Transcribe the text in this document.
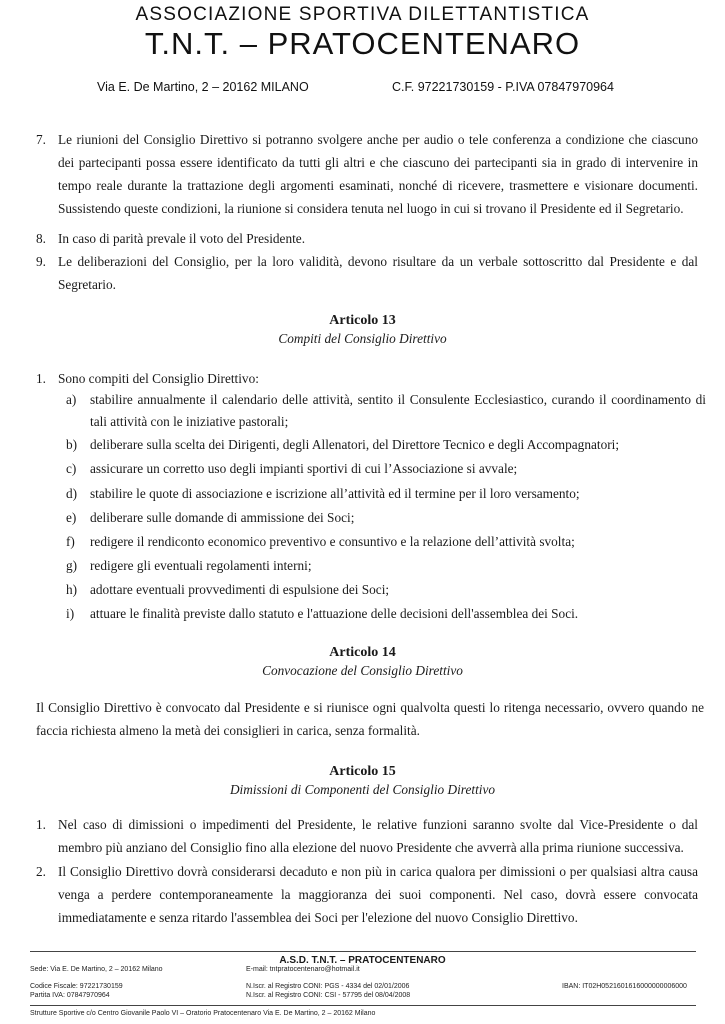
ASSOCIAZIONE SPORTIVA DILETTANTISTICA
T.N.T. – PRATOCENTENARO
Via E. De Martino, 2 – 20162 MILANO	C.F. 97221730159 - P.IVA 07847970964
7. Le riunioni del Consiglio Direttivo si potranno svolgere anche per audio o tele conferenza a condizione che ciascuno dei partecipanti possa essere identificato da tutti gli altri e che ciascuno dei partecipanti sia in grado di intervenire in tempo reale durante la trattazione degli argomenti esaminati, nonché di ricevere, trasmettere e visionare documenti. Sussistendo queste condizioni, la riunione si considera tenuta nel luogo in cui si trovano il Presidente ed il Segretario.
8. In caso di parità prevale il voto del Presidente.
9. Le deliberazioni del Consiglio, per la loro validità, devono risultare da un verbale sottoscritto dal Presidente e dal Segretario.
Articolo 13
Compiti del Consiglio Direttivo
1. Sono compiti del Consiglio Direttivo:
a) stabilire annualmente il calendario delle attività, sentito il Consulente Ecclesiastico, curando il coordinamento di tali attività con le iniziative pastorali;
b) deliberare sulla scelta dei Dirigenti, degli Allenatori, del Direttore Tecnico e degli Accompagnatori;
c) assicurare un corretto uso degli impianti sportivi di cui l’Associazione si avvale;
d) stabilire le quote di associazione e iscrizione all’attività ed il termine per il loro versamento;
e) deliberare sulle domande di ammissione dei Soci;
f) redigere il rendiconto economico preventivo e consuntivo e la relazione dell’attività svolta;
g) redigere gli eventuali regolamenti interni;
h) adottare eventuali provvedimenti di espulsione dei Soci;
i) attuare le finalità previste dallo statuto e l'attuazione delle decisioni dell'assemblea dei Soci.
Articolo 14
Convocazione del Consiglio Direttivo
Il Consiglio Direttivo è convocato dal Presidente e si riunisce ogni qualvolta questi lo ritenga necessario, ovvero quando ne faccia richiesta almeno la metà dei consiglieri in carica, senza formalità.
Articolo 15
Dimissioni di Componenti del Consiglio Direttivo
1. Nel caso di dimissioni o impedimenti del Presidente, le relative funzioni saranno svolte dal Vice-Presidente o dal membro più anziano del Consiglio fino alla elezione del nuovo Presidente che avverrà alla prima riunione successiva.
2. Il Consiglio Direttivo dovrà considerarsi decaduto e non più in carica qualora per dimissioni o per qualsiasi altra causa venga a perdere contemporaneamente la maggioranza dei suoi componenti. Nel caso, dovrà essere convocata immediatamente e senza ritardo l'assemblea dei Soci per l'elezione del nuovo Consiglio Direttivo.
A.S.D. T.N.T. – PRATOCENTENARO
Sede: Via E. De Martino, 2 – 20162 Milano	E-mail: tntpratocentenaro@hotmail.it
Codice Fiscale: 97221730159
Partita IVA: 07847970964
N.Iscr. al Registro CONI: PGS - 4334 del 02/01/2006
N.Iscr. al Registro CONI: CSI - 57795 del 08/04/2008
IBAN: IT02H0521601616000000006000
Strutture Sportive c/o Centro Giovanile Paolo VI – Oratorio Pratocentenaro Via E. De Martino, 2 – 20162 Milano
